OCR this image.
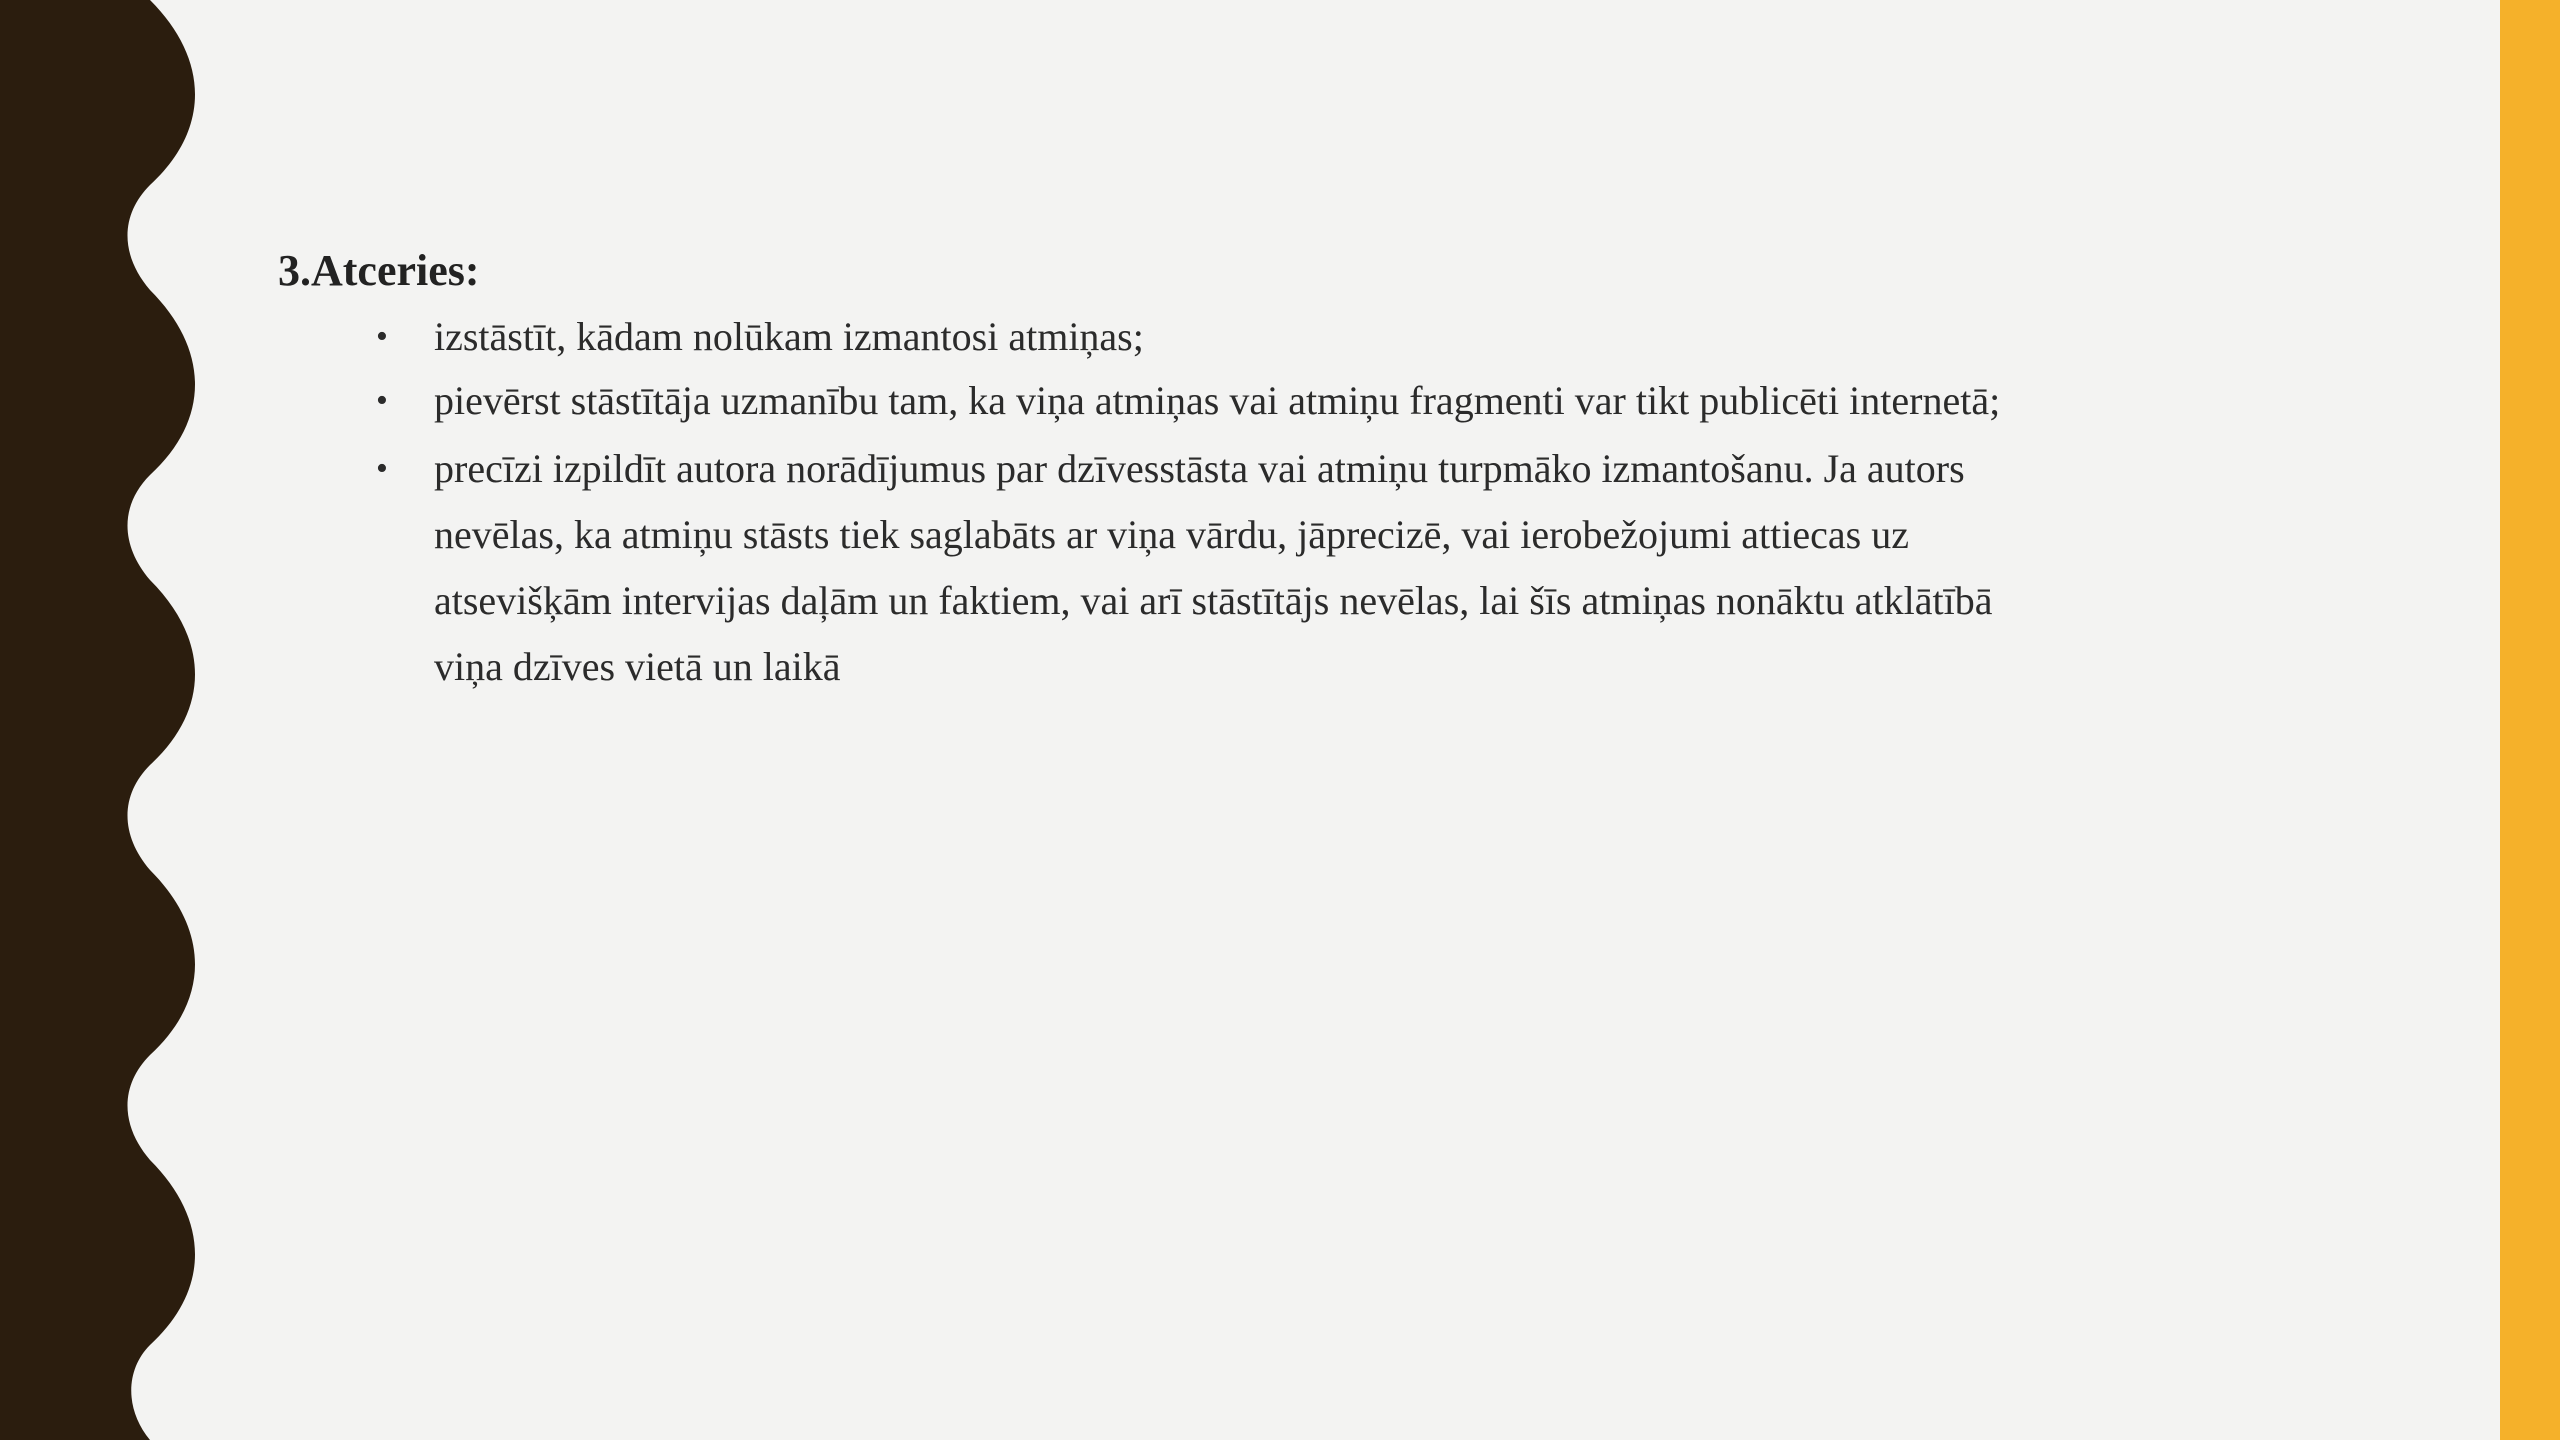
3.Atceries:
• izstāstīt, kādam nolūkam izmantosi atmiņas;
• pievērst stāstītāja uzmanību tam, ka viņa atmiņas vai atmiņu fragmenti var tikt publicēti internetā;
• precīzi izpildīt autora norādījumus par dzīvesstāsta vai atmiņu turpmāko izmantošanu. Ja autors nevēlas, ka atmiņu stāsts tiek saglabāts ar viņa vārdu, jāprecizē, vai ierobežojumi attiecas uz atsevišķām intervijas daļām un faktiem, vai arī stāstītājs nevēlas, lai šīs atmiņas nonāktu atklātībā viņa dzīves vietā un laikā
